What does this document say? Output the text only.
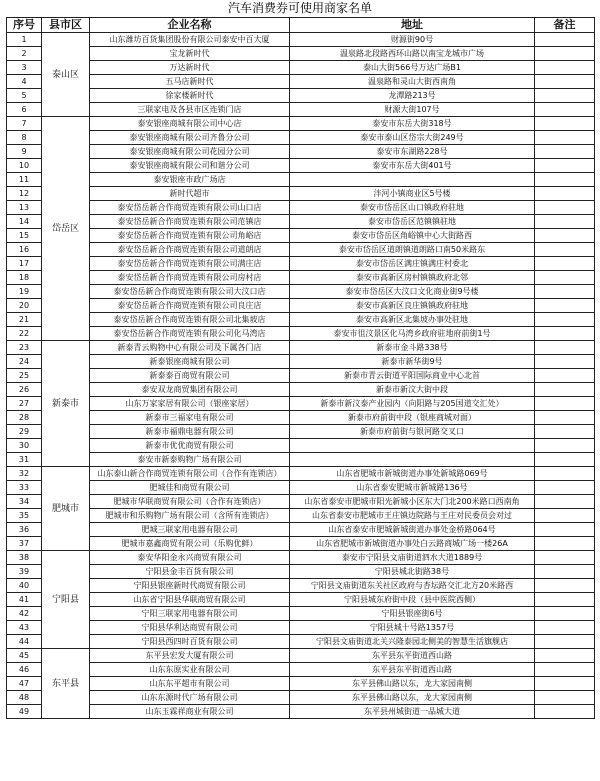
汽车消费券可使用商家名单
序号	县市区	企业名称	地址	备注
1	泰山区	山东潍坊百货集团股份有限公司泰安中百大厦	财源街90号	
2		宝龙新时代	温泉路北段路西环山路以南宝龙城市广场	
3		万达新时代	泰山大街566号万达广场B1	
4		五马店新时代	温泉路和灵山大街西南角	
5		徐家楼新时代	龙潭路213号	
6		三联家电及各县市区连锁门店	财源大街107号	
7	岱岳区	泰安银座商城有限公司中心店	泰安市东岳大街318号	
8		泰安银座商城有限公司齐鲁分公司	泰安市泰山区岱宗大街249号	
9		泰安银座商城有限公司花园分公司	泰安市东湖路228号	
10		泰安银座商城有限公司和谐分公司	泰安市东岳大街401号	
11		泰安银座市政广场店		
12		新时代超市	泮河小镇商业区5号楼	
13		泰安岱岳新合作商贸连锁有限公司山口店	泰安市岱岳区山口镇政府驻地	
14		泰安岱岳新合作商贸连锁有限公司范镇店	泰安市岱岳区范镇镇驻地	
15		泰安岱岳新合作商贸连锁有限公司角峪店	泰安市岱岳区角峪镇中心大街路西	
16		泰安岱岳新合作商贸连锁有限公司道朗店	泰安市岱岳区道朗镇道朗路口南50米路东	
17		泰安岱岳新合作商贸连锁有限公司满庄店	泰安市岱岳区满庄镇满庄村委北	
18		泰安岱岳新合作商贸连锁有限公司房村店	泰安市高新区房村镇镇政府北邻	
19		泰安岱岳新合作商贸连锁有限公司大汶口店	泰安市岱岳区大汶口文化商业街9号楼	
20		泰安岱岳新合作商贸连锁有限公司良庄店	泰安市高新区良庄镇镇政府驻地	
21		泰安岱岳新合作商贸连锁有限公司北集坡店	泰安市高新区北集坡办事处驻地	
22		泰安岱岳新合作商贸连锁有限公司化马湾店	泰安市徂汶景区化马湾乡政府驻地府前街1号	
23	新泰市	新泰青云购物中心有限公司及下属各门店	新泰市金斗路338号	
24		新泰银座商城有限公司	新泰市新华街9号	
25		新泰泰百商贸有限公司	新泰市青云街道平阳国际商业中心北首	
26		泰安双龙商贸集团有限公司	新泰市新汶大街中段	
27		山东万家家居有限公司（银座家居）	新泰市新汶泰产业园内（向阳路与205国道交汇处）	
28		新泰市三福家电有限公司	新泰市府前街中段（银座商城对面）	
29		新泰市福鼎电器有限公司	新泰市府前街与银河路交叉口	
30		新泰市优优商贸有限公司		
31		泰安市新泰购物广场有限公司		
32	肥城市	山东泰山新合作商贸连锁有限公司（合作有连锁店）	山东省肥城市新城街道办事处新城路069号	
33		肥城佳和商贸有限公司	山东省泰安肥城市新城路136号	
34		肥城市华联商贸有限公司（合作有连锁店）	山东省泰安市肥城市阳光新城小区东大门北200米路口西南角	
35		肥城市和乐购物广场有限公司（含所有连锁店）	山东省泰安市肥城市王庄镇边院路与王庄对民委员会对过	
36		肥城三联家用电器有限公司	山东省泰安市肥城新城街道办事处金桥路064号	
37		肥城市嘉鑫商贸有限公司（乐购优鲜）	山东省肥城市新城街道办事处白云路商城广场一楼26A	
38	宁阳县	泰安华阳金永兴商贸有限公司	泰安市宁阳县文庙街道泗水大道1889号	
39		宁阳县金丰百货有限公司	宁阳县城北街路38号	
40		宁阳县银座新时代商贸有限公司	宁阳县文庙街道东关社区政府与杏坛路交汇北方20米路西	
41		山东省宁阳县华联商贸有限公司	宁阳县城东府街中段（县中医院西侧）	
42		宁阳三联家用电器有限公司	宁阳县银座街6号	
43		宁阳县华利达商贸有限公司	宁阳县城十号路1357号	
44		宁阳县西四时百货有限公司	宁阳县文庙街道北关兴隆泰园北侧美的智慧生活旗舰店	
45	东平县	东平县宏发大厦有限公司	东平县东平街道西山路	
46		山东东原实业有限公司	东平县东平街道西山路	
47		山东东平超市有限公司	东平县佛山路以东，龙大家园南侧	
48		山东东源时代广场有限公司	东平县佛山路以东，龙大家园南侧	
49		山东玉霖祥商业有限公司	东平县州城街道一品城大道	
